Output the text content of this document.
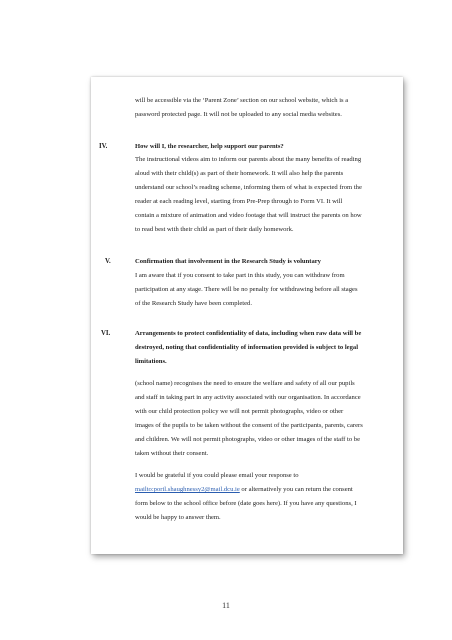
will be accessible via the ‘Parent Zone’ section on our school website, which is a
password protected page. It will not be uploaded to any social media websites.
IV.	How will I, the researcher, help support our parents?
The instructional videos aim to inform our parents about the many benefits of reading
aloud with their child(s) as part of their homework. It will also help the parents
understand our school’s reading scheme, informing them of what is expected from the
reader at each reading level, starting from Pre-Prep through to Form VI. It will
contain a mixture of animation and video footage that will instruct the parents on how
to read best with their child as part of their daily homework.
V.	Confirmation that involvement in the Research Study is voluntary
I am aware that if you consent to take part in this study, you can withdraw from
participation at any stage. There will be no penalty for withdrawing before all stages
of the Research Study have been completed.
VI.	Arrangements to protect confidentiality of data, including when raw data will be
destroyed, noting that confidentiality of information provided is subject to legal
limitations.
(school name) recognises the need to ensure the welfare and safety of all our pupils
and staff in taking part in any activity associated with our organisation. In accordance
with our child protection policy we will not permit photographs, video or other
images of the pupils to be taken without the consent of the participants, parents, carers
and children. We will not permit photographs, video or other images of the staff to be
taken without their consent.
I would be grateful if you could please email your response to
mailto:poril.shaughnessy2@mail.dcu.ie or alternatively you can return the consent
form below to the school office before (date goes here). If you have any questions, I
would be happy to answer them.
11
